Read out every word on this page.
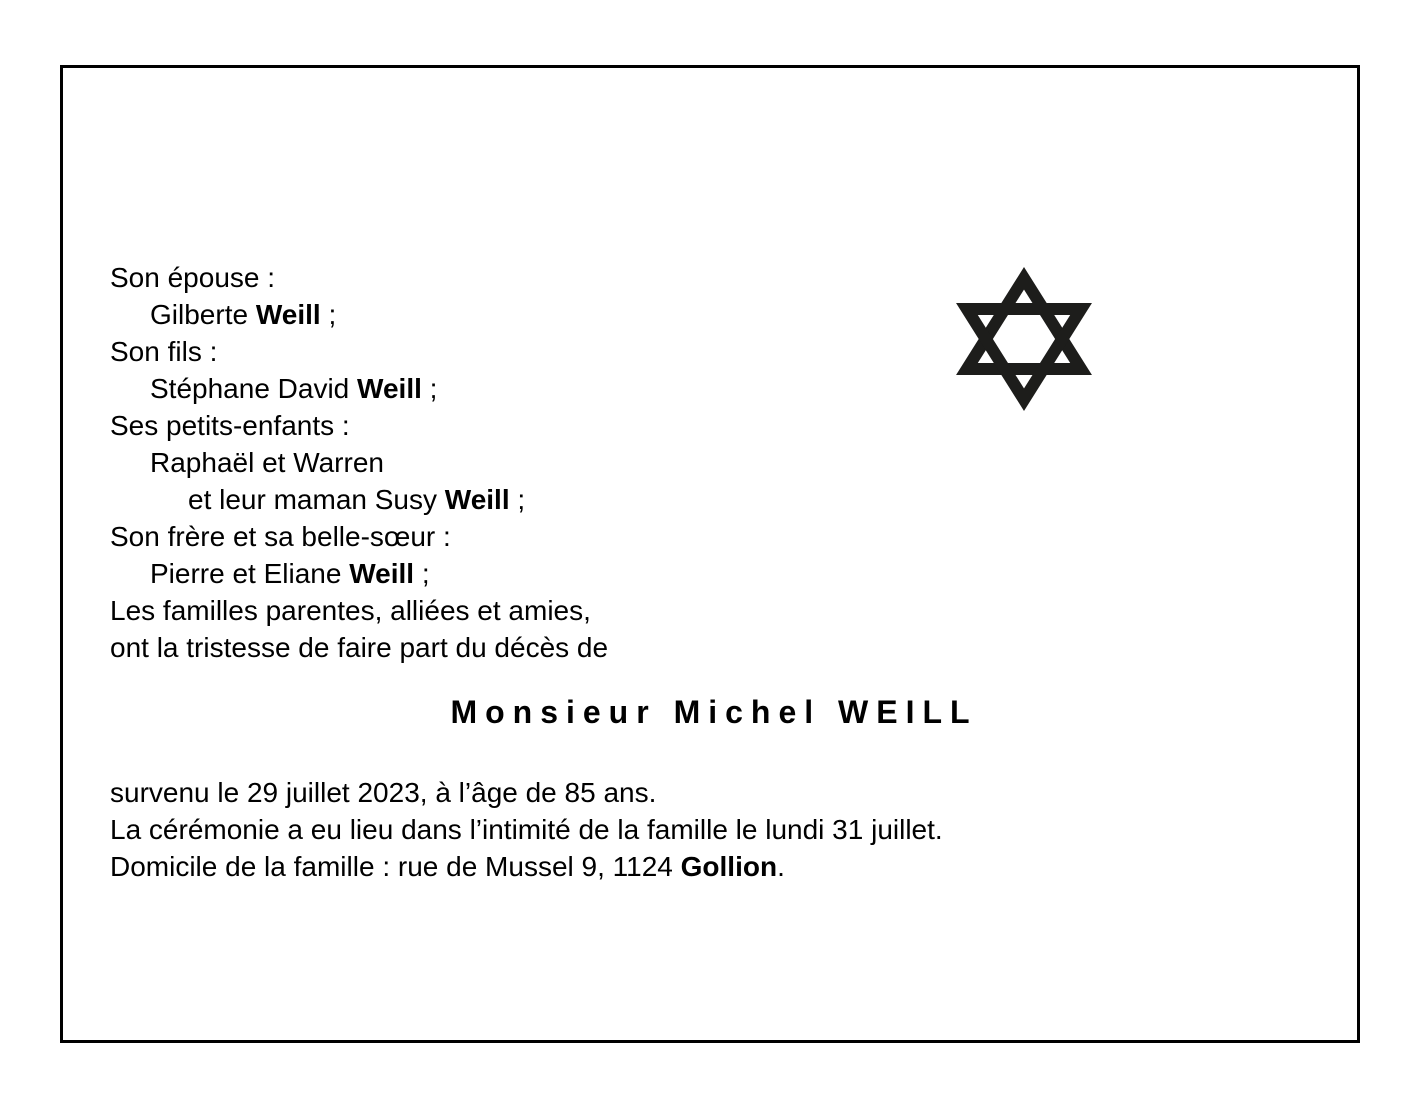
Son épouse :

Gilberte Weill ;

Son fils :

Stéphane David Weill ;

Ses petits-enfants :

Raphaël et Warren

et leur maman Susy Weill ;

Son frère et sa belle-sœur :

Pierre et Eliane Weill ;

Les familles parentes, alliées et amies,

ont la tristesse de faire part du décès de

Monsieur Michel WEILL

survenu le 29 juillet 2023, à l’âge de 85 ans.

La cérémonie a eu lieu dans l’intimité de la famille le lundi 31 juillet.

Domicile de la famille : rue de Mussel 9, 1124 Gollion.
